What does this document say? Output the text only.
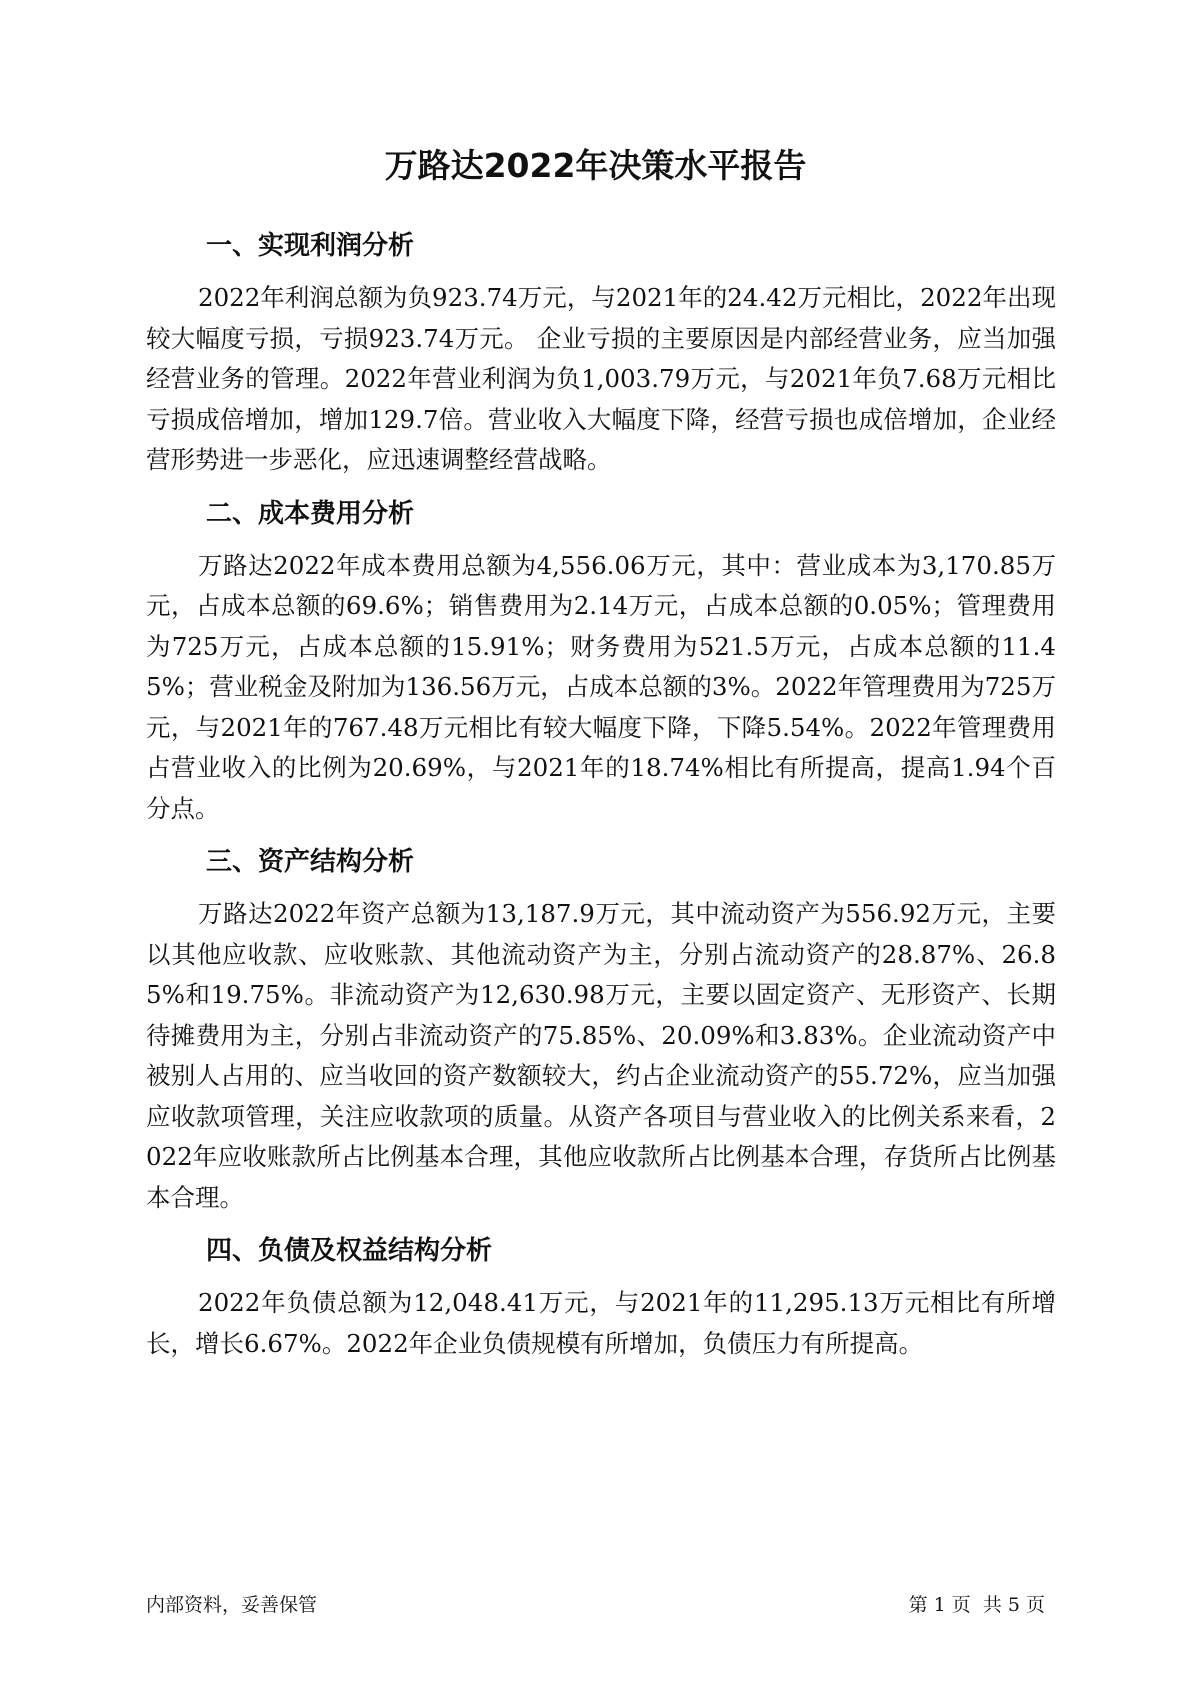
万路达2022年决策水平报告
一、实现利润分析

2022年利润总额为负923.74万元，与2021年的24.42万元相比，2022年出现较大幅度亏损，亏损923.74万元。 企业亏损的主要原因是内部经营业务，应当加强经营业务的管理。2022年营业利润为负1,003.79万元，与2021年负7.68万元相比亏损成倍增加，增加129.7倍。营业收入大幅度下降，经营亏损也成倍增加，企业经营形势进一步恶化，应迅速调整经营战略。

二、成本费用分析

万路达2022年成本费用总额为4,556.06万元，其中：营业成本为3,170.85万元，占成本总额的69.6%；销售费用为2.14万元，占成本总额的0.05%；管理费用为725万元，占成本总额的15.91%；财务费用为521.5万元，占成本总额的11.45%；营业税金及附加为136.56万元，占成本总额的3%。2022年管理费用为725万元，与2021年的767.48万元相比有较大幅度下降，下降5.54%。2022年管理费用占营业收入的比例为20.69%，与2021年的18.74%相比有所提高，提高1.94个百分点。

三、资产结构分析

万路达2022年资产总额为13,187.9万元，其中流动资产为556.92万元，主要以其他应收款、应收账款、其他流动资产为主，分别占流动资产的28.87%、26.85%和19.75%。非流动资产为12,630.98万元，主要以固定资产、无形资产、长期待摊费用为主，分别占非流动资产的75.85%、20.09%和3.83%。企业流动资产中被别人占用的、应当收回的资产数额较大，约占企业流动资产的55.72%，应当加强应收款项管理，关注应收款项的质量。从资产各项目与营业收入的比例关系来看，2022年应收账款所占比例基本合理，其他应收款所占比例基本合理，存货所占比例基本合理。

四、负债及权益结构分析

2022年负债总额为12,048.41万元，与2021年的11,295.13万元相比有所增长，增长6.67%。2022年企业负债规模有所增加，负债压力有所提高。

内部资料，妥善保管	第 1 页  共 5 页
